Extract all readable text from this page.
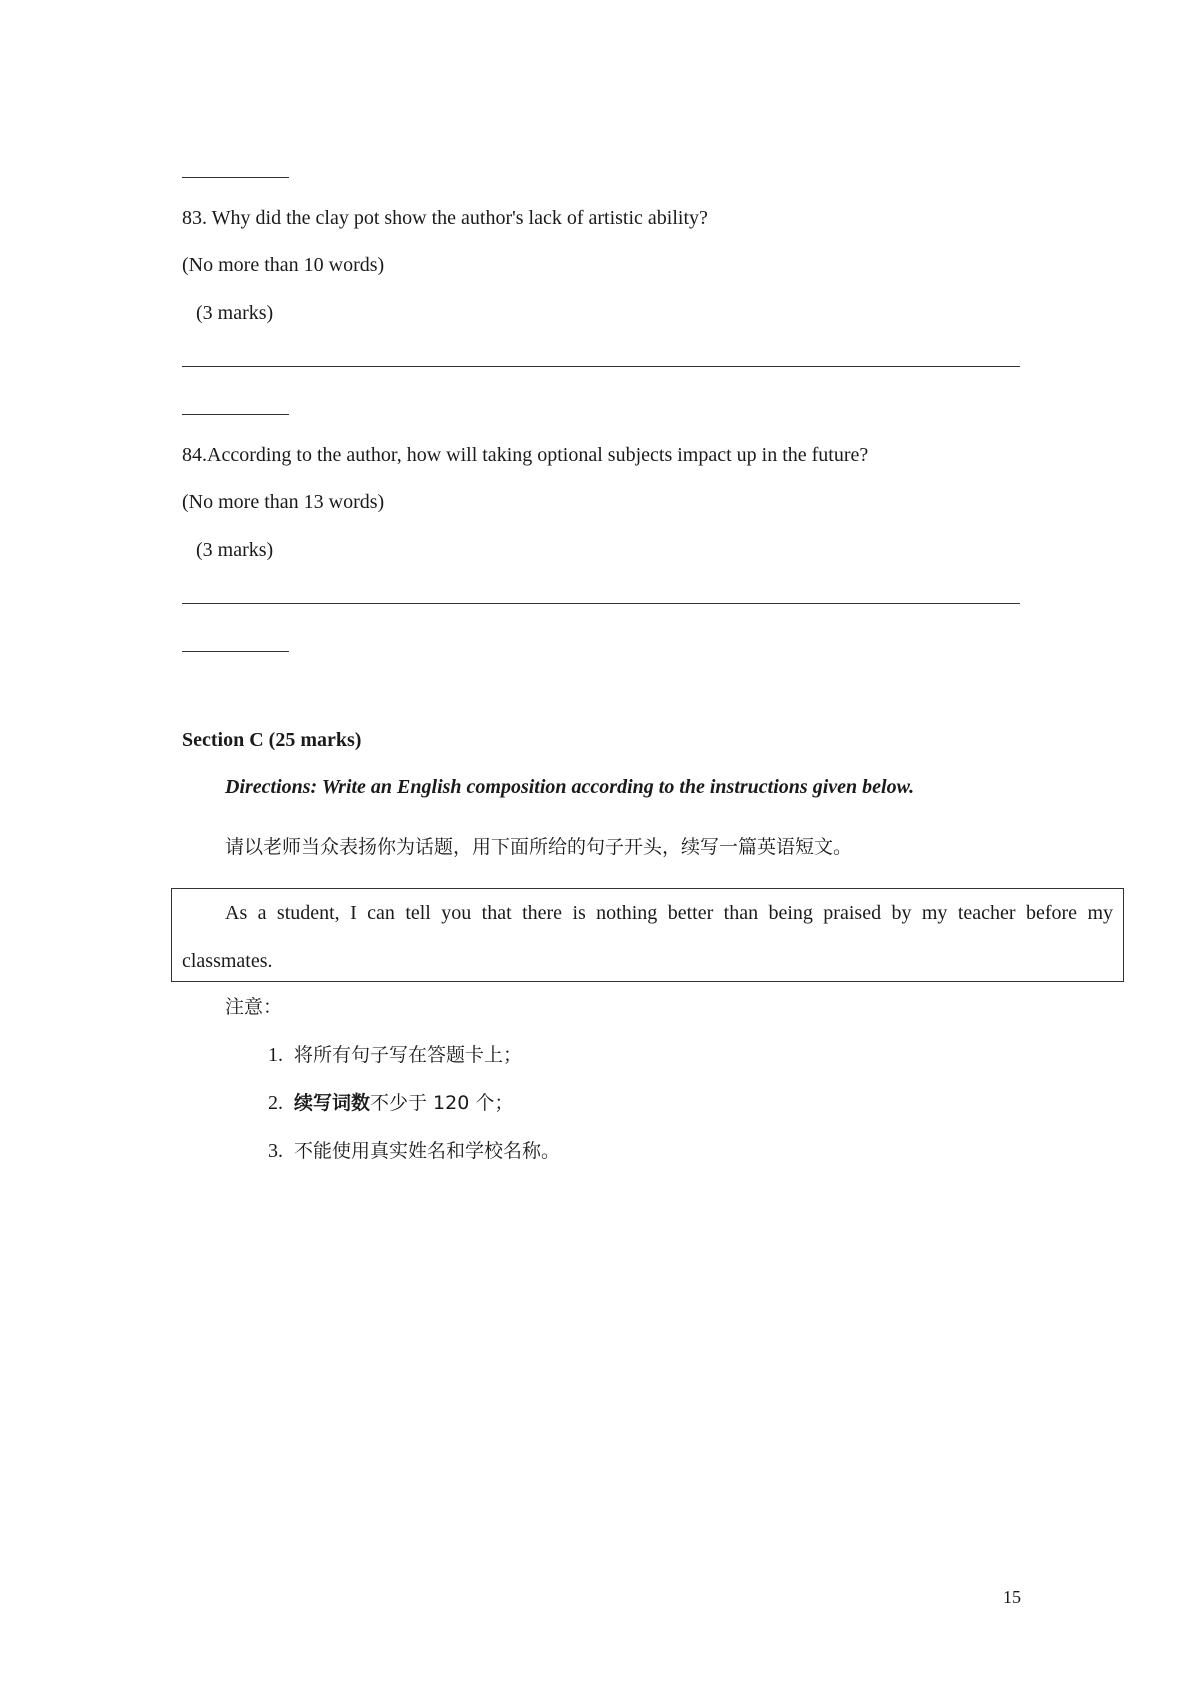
83. Why did the clay pot show the author's lack of artistic ability?
(No more than 10 words)
(3 marks)
84.According to the author, how will taking optional subjects impact up in the future?
(No more than 13 words)
(3 marks)
Section C (25 marks)
Directions: Write an English composition according to the instructions given below.
请以老师当众表扬你为话题，用下面所给的句子开头，续写一篇英语短文。
As a student, I can tell you that there is nothing better than being praised by my teacher before my
classmates.
注意：
1. 将所有句子写在答题卡上；
2. 续写词数不少于 120 个；
3. 不能使用真实姓名和学校名称。
15
